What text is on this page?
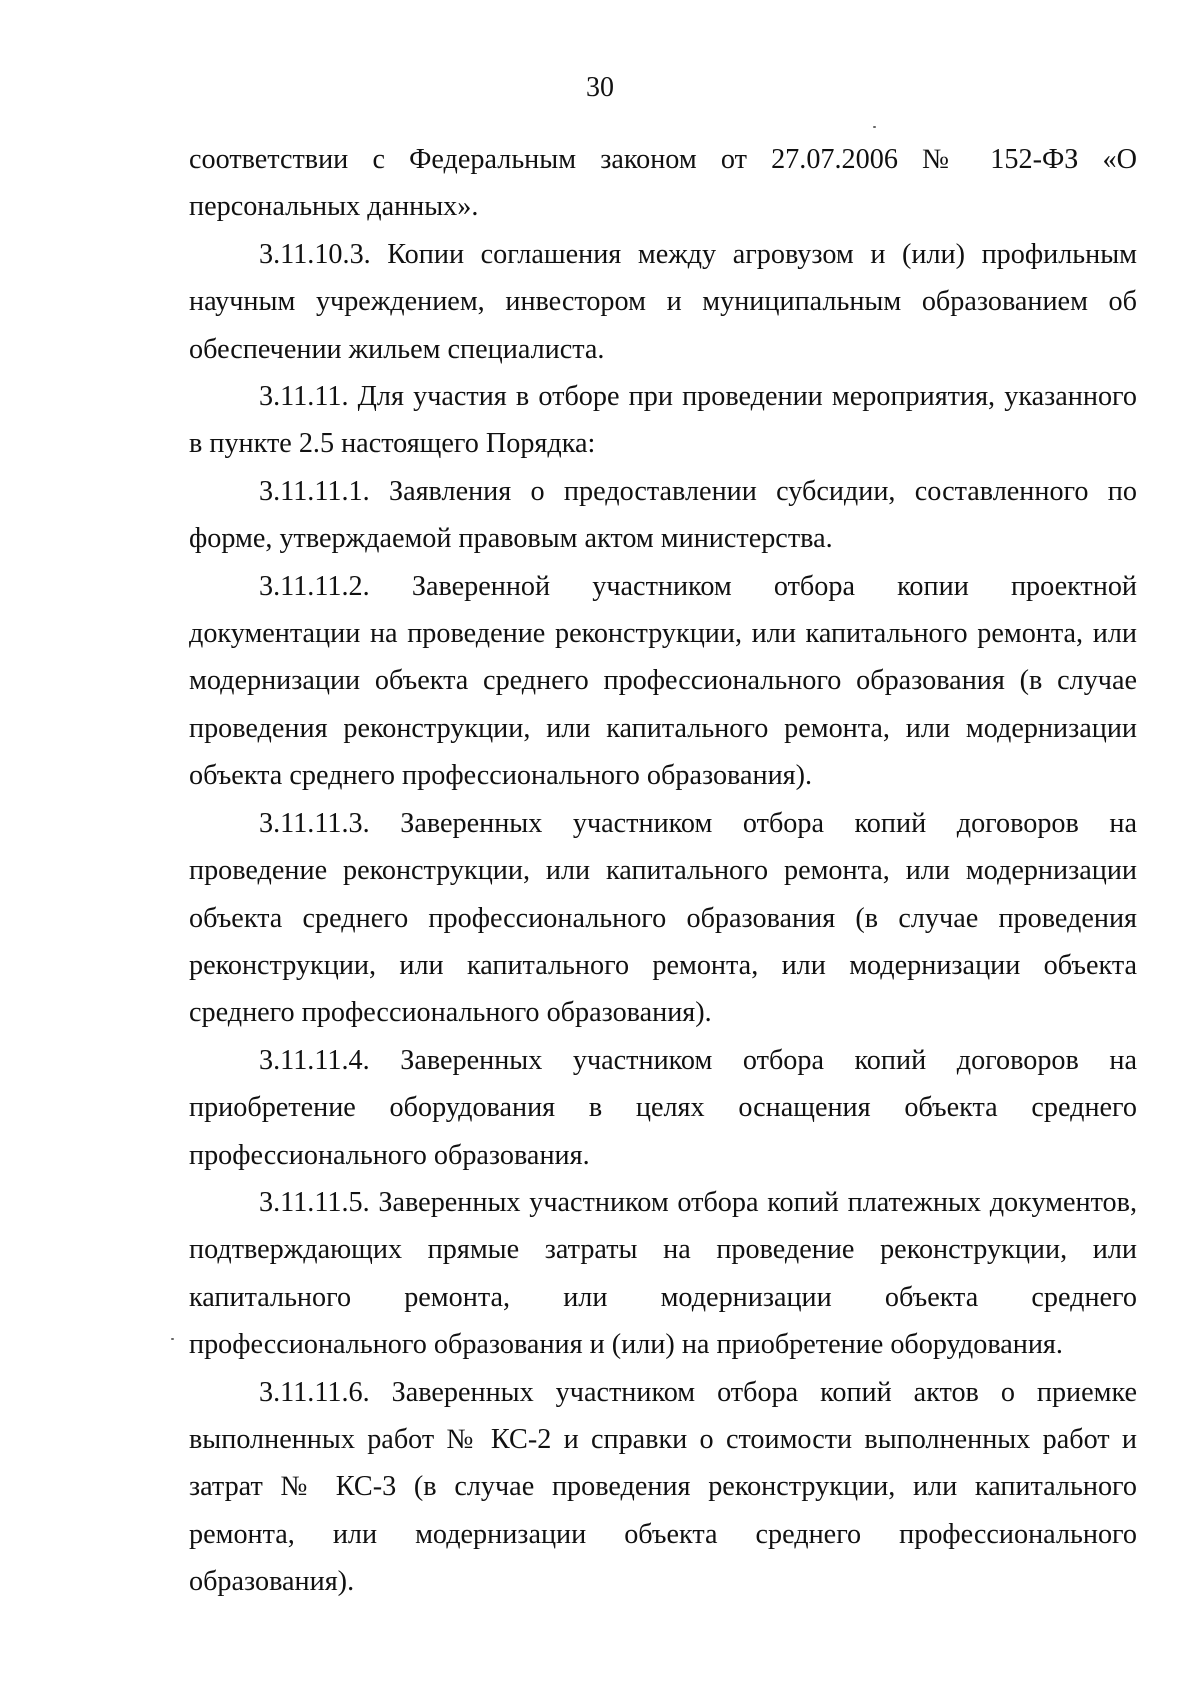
30

соответствии с Федеральным законом от 27.07.2006 № 152-ФЗ «О персональных данных».

3.11.10.3. Копии соглашения между агровузом и (или) профильным научным учреждением, инвестором и муниципальным образованием об обеспечении жильем специалиста.

3.11.11. Для участия в отборе при проведении мероприятия, указанного в пункте 2.5 настоящего Порядка:

3.11.11.1. Заявления о предоставлении субсидии, составленного по форме, утверждаемой правовым актом министерства.

3.11.11.2. Заверенной участником отбора копии проектной документации на проведение реконструкции, или капитального ремонта, или модернизации объекта среднего профессионального образования (в случае проведения реконструкции, или капитального ремонта, или модернизации объекта среднего профессионального образования).

3.11.11.3. Заверенных участником отбора копий договоров на проведение реконструкции, или капитального ремонта, или модернизации объекта среднего профессионального образования (в случае проведения реконструкции, или капитального ремонта, или модернизации объекта среднего профессионального образования).

3.11.11.4. Заверенных участником отбора копий договоров на приобретение оборудования в целях оснащения объекта среднего профессионального образования.

3.11.11.5. Заверенных участником отбора копий платежных документов, подтверждающих прямые затраты на проведение реконструкции, или капитального ремонта, или модернизации объекта среднего профессионального образования и (или) на приобретение оборудования.

3.11.11.6. Заверенных участником отбора копий актов о приемке выполненных работ № КС-2 и справки о стоимости выполненных работ и затрат № КС-3 (в случае проведения реконструкции, или капитального ремонта, или модернизации объекта среднего профессионального образования).
